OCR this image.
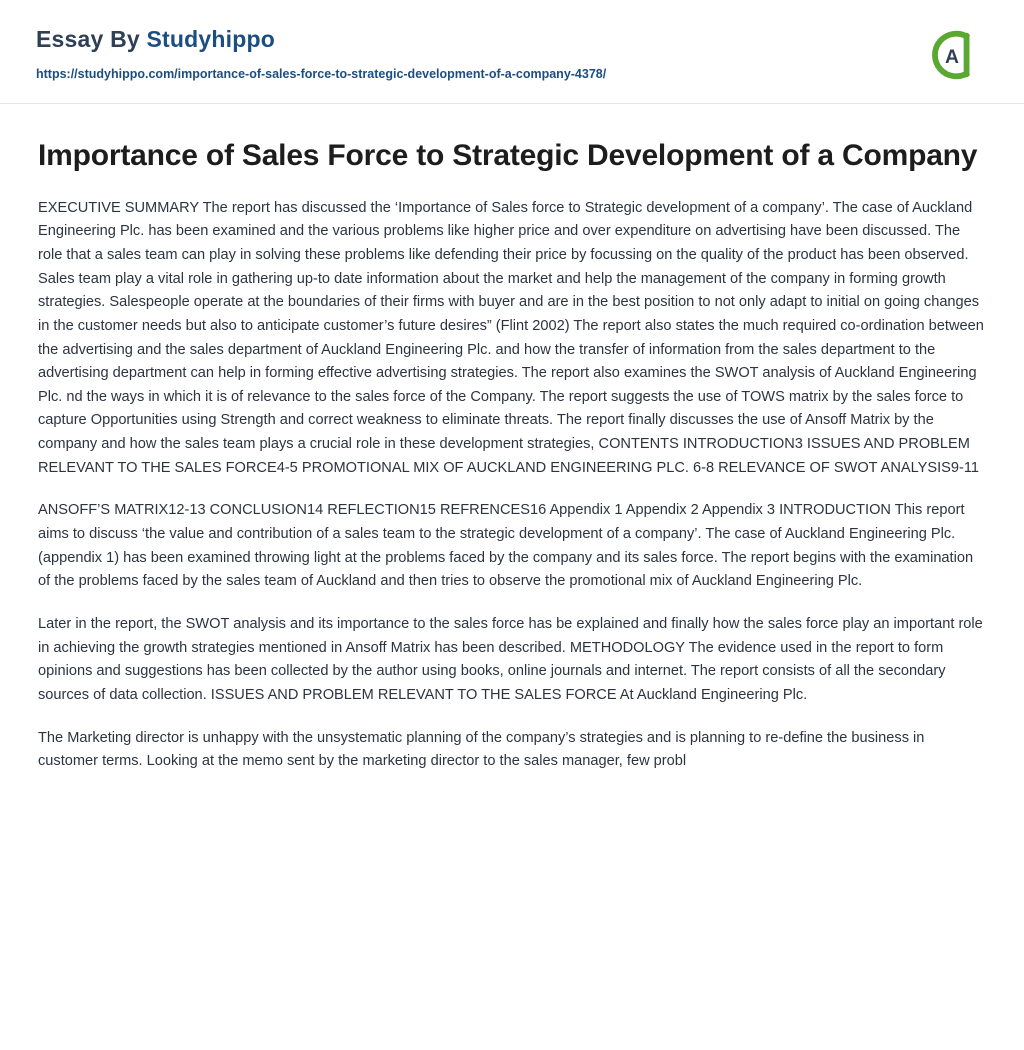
Essay By Studyhippo
https://studyhippo.com/importance-of-sales-force-to-strategic-development-of-a-company-4378/
A
Importance of Sales Force to Strategic Development of a Company

EXECUTIVE SUMMARY The report has discussed the ‘Importance of Sales force to Strategic development of a company’. The case of Auckland Engineering Plc. has been examined and the various problems like higher price and over expenditure on advertising have been discussed. The role that a sales team can play in solving these problems like defending their price by focussing on the quality of the product has been observed. Sales team play a vital role in gathering up-to date information about the market and help the management of the company in forming growth strategies. Salespeople operate at the boundaries of their firms with buyer and are in the best position to not only adapt to initial on going changes in the customer needs but also to anticipate customer’s future desires” (Flint 2002) The report also states the much required co-ordination between the advertising and the sales department of Auckland Engineering Plc. and how the transfer of information from the sales department to the advertising department can help in forming effective advertising strategies. The report also examines the SWOT analysis of Auckland Engineering Plc. nd the ways in which it is of relevance to the sales force of the Company. The report suggests the use of TOWS matrix by the sales force to capture Opportunities using Strength and correct weakness to eliminate threats. The report finally discusses the use of Ansoff Matrix by the company and how the sales team plays a crucial role in these development strategies, CONTENTS INTRODUCTION3 ISSUES AND PROBLEM RELEVANT TO THE SALES FORCE4-5 PROMOTIONAL MIX OF AUCKLAND ENGINEERING PLC. 6-8 RELEVANCE OF SWOT ANALYSIS9-11

ANSOFF’S MATRIX12-13 CONCLUSION14 REFLECTION15 REFRENCES16 Appendix 1 Appendix 2 Appendix 3 INTRODUCTION This report aims to discuss ‘the value and contribution of a sales team to the strategic development of a company’. The case of Auckland Engineering Plc. (appendix 1) has been examined throwing light at the problems faced by the company and its sales force. The report begins with the examination of the problems faced by the sales team of Auckland and then tries to observe the promotional mix of Auckland Engineering Plc.

Later in the report, the SWOT analysis and its importance to the sales force has be explained and finally how the sales force play an important role in achieving the growth strategies mentioned in Ansoff Matrix has been described. METHODOLOGY The evidence used in the report to form opinions and suggestions has been collected by the author using books, online journals and internet. The report consists of all the secondary sources of data collection. ISSUES AND PROBLEM RELEVANT TO THE SALES FORCE At Auckland Engineering Plc.

The Marketing director is unhappy with the unsystematic planning of the company’s strategies and is planning to re-define the business in customer terms. Looking at the memo sent by the marketing director to the sales manager, few probl
